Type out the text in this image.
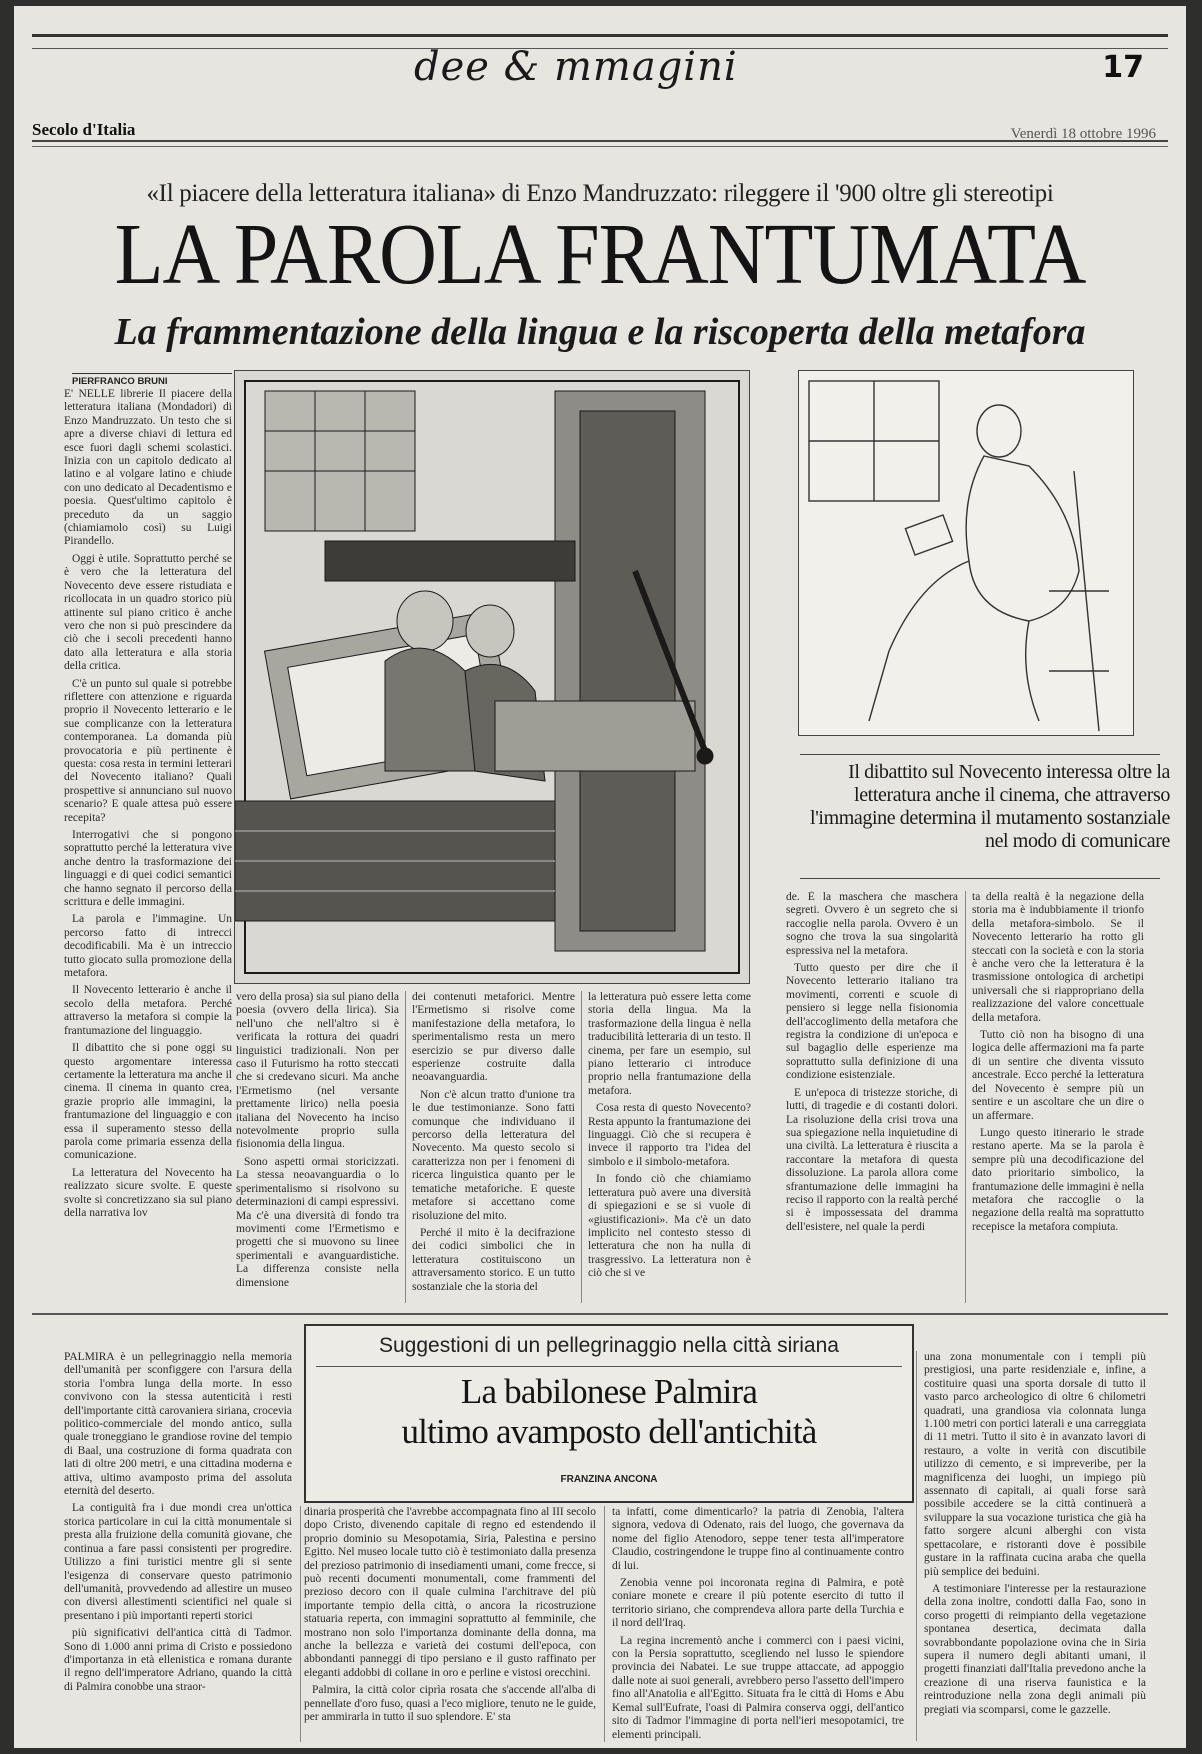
dee & mmagini	17
Secolo d'Italia	Venerdì 18 ottobre 1996
«Il piacere della letteratura italiana» di Enzo Mandruzzato: rileggere il '900 oltre gli stereotipi
LA PAROLA FRANTUMATA
La frammentazione della lingua e la riscoperta della metafora
PIERFRANCO BRUNI

E' NELLE librerie Il piacere della letteratura italiana (Mondadori) di Enzo Mandruzzato. Un testo che si apre a diverse chiavi di lettura ed esce fuori dagli schemi scolastici. Inizia con un capitolo dedicato al latino e al volgare latino e chiude con uno dedicato al Decadentismo e poesia. Quest'ultimo capitolo è preceduto da un saggio (chiamiamolo così) su Luigi Pirandello.

Oggi è utile. Soprattutto perché se è vero che la letteratura del Novecento deve essere ristudiata e ricollocata in un quadro storico più attinente sul piano critico è anche vero che non si può prescindere da ciò che i secoli precedenti hanno dato alla letteratura e alla storia della critica.

C'è un punto sul quale si potrebbe riflettere con attenzione e riguarda proprio il Novecento letterario e le sue complicanze con la letteratura contemporanea. La domanda più provocatoria e più pertinente è questa: cosa resta in termini letterari del Novecento italiano? Quali prospettive si annunciano sul nuovo scenario? E quale attesa può essere recepita?

Interrogativi che si pongono soprattutto perché la letteratura vive anche dentro la trasformazione dei linguaggi e di quei codici semantici che hanno segnato il percorso della scrittura e delle immagini.

La parola e l'immagine. Un percorso fatto di intrecci decodificabili. Ma è un intreccio tutto giocato sulla promozione della metafora.

Il Novecento letterario è anche il secolo della metafora. Perché attraverso la metafora si compie la frantumazione del linguaggio.

Il dibattito che si pone oggi su questo argomentare interessa certamente la letteratura ma anche il cinema. Il cinema in quanto crea, grazie proprio alle immagini, la frantumazione del linguaggio e con essa il superamento stesso della parola come primaria essenza della comunicazione.

La letteratura del Novecento ha realizzato sicure svolte. E queste svolte si concretizzano sia sul piano della narrativa lov

Il dibattito sul Novecento interessa oltre la letteratura anche il cinema, che attraverso l'immagine determina il mutamento sostanziale nel modo di comunicare

vero della prosa) sia sul piano della poesia (ovvero della lirica). Sia nell'uno che nell'altro si è verificata la rottura dei quadri linguistici tradizionali. Non per caso il Futurismo ha rotto steccati che si credevano sicuri. Ma anche l'Ermetismo (nel versante prettamente lirico) nella poesia italiana del Novecento ha inciso notevolmente proprio sulla fisionomia della lingua.

Sono aspetti ormai storicizzati. La stessa neoavanguardia o lo sperimentalismo si risolvono su determinazioni di campi espressivi. Ma c'è una diversità di fondo tra movimenti come l'Ermetismo e progetti che si muovono su linee sperimentali e avanguardistiche. La differenza consiste nella dimensione

dei contenuti metaforici. Mentre l'Ermetismo si risolve come manifestazione della metafora, lo sperimentalismo resta un mero esercizio se pur diverso dalle esperienze costruite dalla neoavanguardia.

Non c'è alcun tratto d'unione tra le due testimonianze. Sono fatti comunque che individuano il percorso della letteratura del Novecento. Ma questo secolo si caratterizza non per i fenomeni di ricerca linguistica quanto per le tematiche metaforiche. E queste metafore si accettano come risoluzione del mito.

Perché il mito è la decifrazione dei codici simbolici che in letteratura costituiscono un attraversamento storico. E un tutto sostanziale che la storia del

la letteratura può essere letta come storia della lingua. Ma la trasformazione della lingua è nella traducibilità letteraria di un testo. Il cinema, per fare un esempio, sul piano letterario ci introduce proprio nella frantumazione della metafora.

Cosa resta di questo Novecento? Resta appunto la frantumazione dei linguaggi. Ciò che si recupera è invece il rapporto tra l'idea del simbolo e il simbolo-metafora.

In fondo ciò che chiamiamo letteratura può avere una diversità di spiegazioni e se si vuole di «giustificazioni». Ma c'è un dato implicito nel contesto stesso di letteratura che non ha nulla di trasgressivo. La letteratura non è ciò che si ve

de. È la maschera che maschera segreti. Ovvero è un segreto che si raccoglie nella parola. Ovvero è un sogno che trova la sua singolarità espressiva nel la metafora.

Tutto questo per dire che il Novecento letterario italiano tra movimenti, correnti e scuole di pensiero si legge nella fisionomia dell'accoglimento della metafora che registra la condizione di un'epoca e sul bagaglio delle esperienze ma soprattutto sulla definizione di una condizione esistenziale.

E un'epoca di tristezze storiche, di lutti, di tragedie e di costanti dolori. La risoluzione della crisi trova una sua spiegazione nella inquietudine di una civiltà. La letteratura è riuscita a raccontare la metafora di questa dissoluzione. La parola allora come sfrantumazione delle immagini ha reciso il rapporto con la realtà perché si è impossessata del dramma dell'esistere, nel quale la perdi

ta della realtà è la negazione della storia ma è indubbiamente il trionfo della metafora-simbolo. Se il Novecento letterario ha rotto gli steccati con la società e con la storia è anche vero che la letteratura è la trasmissione ontologica di archetipi universali che si riappropriano della realizzazione del valore concettuale della metafora.

Tutto ciò non ha bisogno di una logica delle affermazioni ma fa parte di un sentire che diventa vissuto ancestrale. Ecco perché la letteratura del Novecento è sempre più un sentire e un ascoltare che un dire o un affermare.

Lungo questo itinerario le strade restano aperte. Ma se la parola è sempre più una decodificazione del dato prioritario simbolico, la frantumazione delle immagini è nella metafora che raccoglie o la negazione della realtà ma soprattutto recepisce la metafora compiuta.

PALMIRA è un pellegrinaggio nella memoria dell'umanità per sconfiggere con l'arsura della storia l'ombra lunga della morte. In esso convivono con la stessa autenticità i resti dell'importante città carovaniera siriana, crocevia politico-commerciale del mondo antico, sulla quale troneggiano le grandiose rovine del tempio di Baal, una costruzione di forma quadrata con lati di oltre 200 metri, e una cittadina moderna e attiva, ultimo avamposto prima del assoluta eternità del deserto.

La contiguità fra i due mondi crea un'ottica storica particolare in cui la città monumentale si presta alla fruizione della comunità giovane, che continua a fare passi consistenti per progredire. Utilizzo a fini turistici mentre gli si sente l'esigenza di conservare questo patrimonio dell'umanità, provvedendo ad allestire un museo con diversi allestimenti scientifici nel quale si presentano i più importanti reperti storici

più significativi dell'antica città di Tadmor. Sono di 1.000 anni prima di Cristo e possiedono d'importanza in età ellenistica e romana durante il regno dell'imperatore Adriano, quando la città di Palmira conobbe una straor-

Suggestioni di un pellegrinaggio nella città siriana
La babilonese Palmira
ultimo avamposto dell'antichità
FRANZINA ANCONA

dinaria prosperità che l'avrebbe accompagnata fino al III secolo dopo Cristo, divenendo capitale di regno ed estendendo il proprio dominio su Mesopotamia, Siria, Palestina e persino Egitto. Nel museo locale tutto ciò è testimoniato dalla presenza del prezioso patrimonio di insediamenti umani, come frecce, si può recenti documenti monumentali, come frammenti del prezioso decoro con il quale culmina l'architrave del più importante tempio della città, o ancora la ricostruzione statuaria reperta, con immagini soprattutto al femminile, che mostrano non solo l'importanza dominante della donna, ma anche la bellezza e varietà dei costumi dell'epoca, con abbondanti panneggi di tipo persiano e il gusto raffinato per eleganti addobbi di collane in oro e perline e vistosi orecchini.

Palmira, la città color ciprìa rosata che s'accende all'alba di pennellate d'oro fuso, quasi a l'eco migliore, tenuto ne le guide, per ammirarla in tutto il suo splendore. E' sta

ta infatti, come dimenticarlo? la patria di Zenobia, l'altera signora, vedova di Odenato, rais del luogo, che governava da nome del figlio Atenodoro, seppe tener testa all'imperatore Claudio, costringendone le truppe fino al continuamente contro di lui.

Zenobia venne poi incoronata regina di Palmira, e potè coniare monete e creare il più potente esercito di tutto il territorio siriano, che comprendeva allora parte della Turchia e il nord dell'Iraq.

La regina incrementò anche i commerci con i paesi vicini, con la Persia soprattutto, scegliendo nel lusso le spiendore provincia dei Nabatei. Le sue truppe attaccate, ad appoggio dalle note ai suoi generali, avrebbero perso l'assetto dell'impero fino all'Anatolia e all'Egitto. Situata fra le città di Homs e Abu Kemal sull'Eufrate, l'oasi di Palmira conserva oggi, dell'antico sito di Tadmor l'immagine di porta nell'ieri mesopotamici, tre elementi principali.

una zona monumentale con i templi più prestigiosi, una parte residenziale e, infine, a costituire quasi una sporta dorsale di tutto il vasto parco archeologico di oltre 6 chilometri quadrati, una grandiosa via colonnata lunga 1.100 metri con portici laterali e una carreggiata di 11 metri. Tutto il sito è in avanzato lavori di restauro, a volte in verità con discutibile utilizzo di cemento, e si impreveribe, per la magnificenza dei luoghi, un impiego più assennato di capitali, ai quali forse sarà possibile accedere se la città continuerà a sviluppare la sua vocazione turistica che già ha fatto sorgere alcuni alberghi con vista spettacolare, e ristoranti dove è possibile gustare in la raffinata cucina araba che quella più semplice dei beduini.

A testimoniare l'interesse per la restaurazione della zona inoltre, condotti dalla Fao, sono in corso progetti di reimpianto della vegetazione spontanea desertica, decimata dalla sovrabbondante popolazione ovina che in Siria supera il numero degli abitanti umani, il progetti finanziati dall'Italia prevedono anche la creazione di una riserva faunistica e la reintroduzione nella zona degli animali più pregiati via scomparsi, come le gazzelle.
